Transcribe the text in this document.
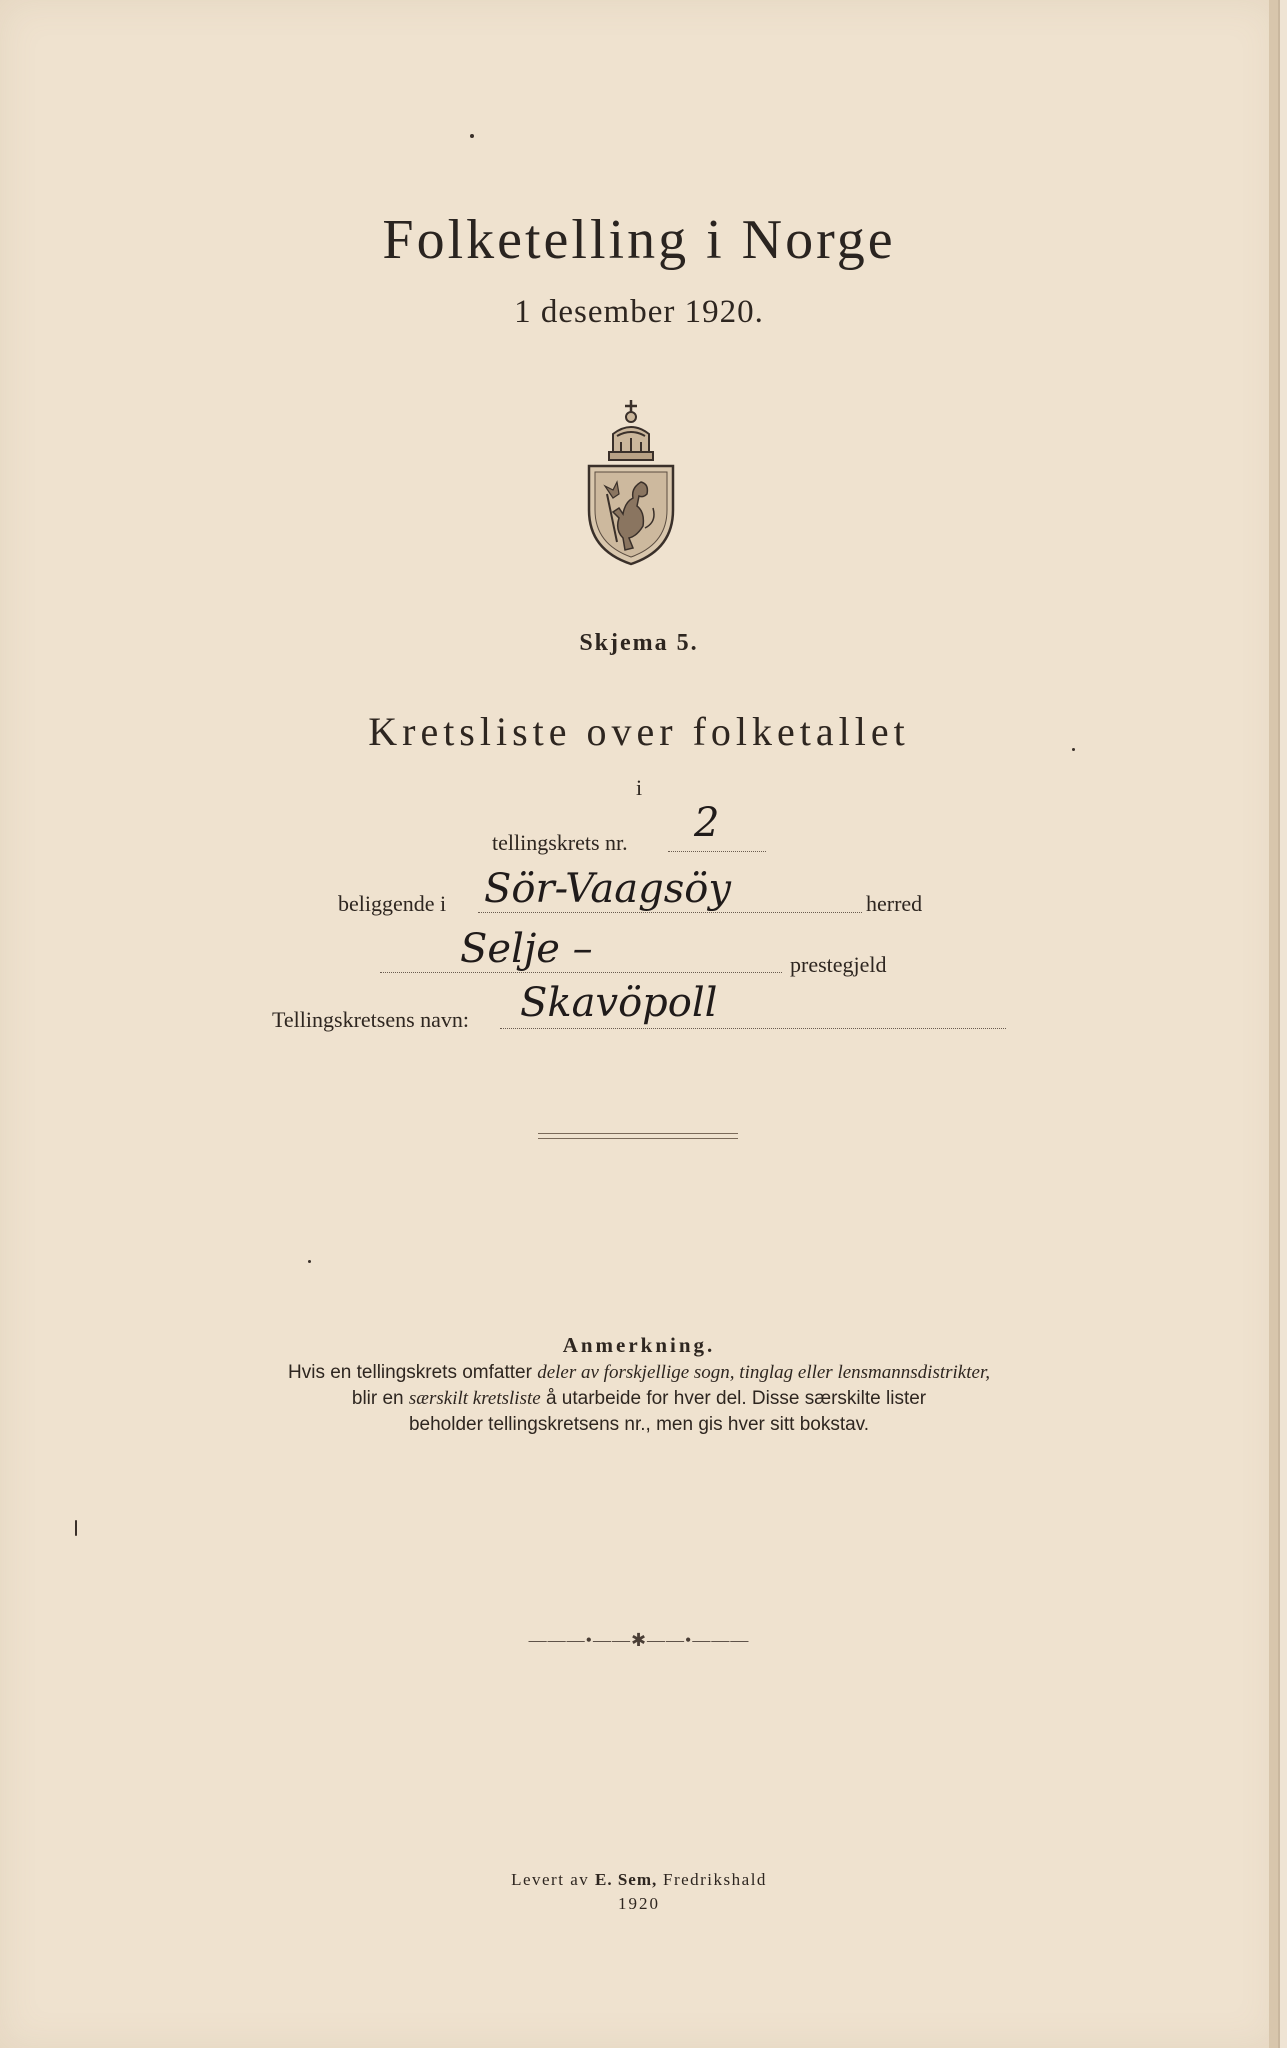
Folketelling i Norge
1 desember 1920.
Skjema 5.
Kretsliste over folketallet
i
tellingskrets nr. 2
beliggende i Sör-Vaagsöy	herred
Selje –	prestegjeld
Tellingskretsens navn: Skavöpoll
Anmerkning.
Hvis en tellingskrets omfatter deler av forskjellige sogn, tinglag eller lensmannsdistrikter,
blir en særskilt kretsliste å utarbeide for hver del. Disse særskilte lister
beholder tellingskretsens nr., men gis hver sitt bokstav.
———•——✱——•———
Levert av E. Sem, Fredrikshald
1920
